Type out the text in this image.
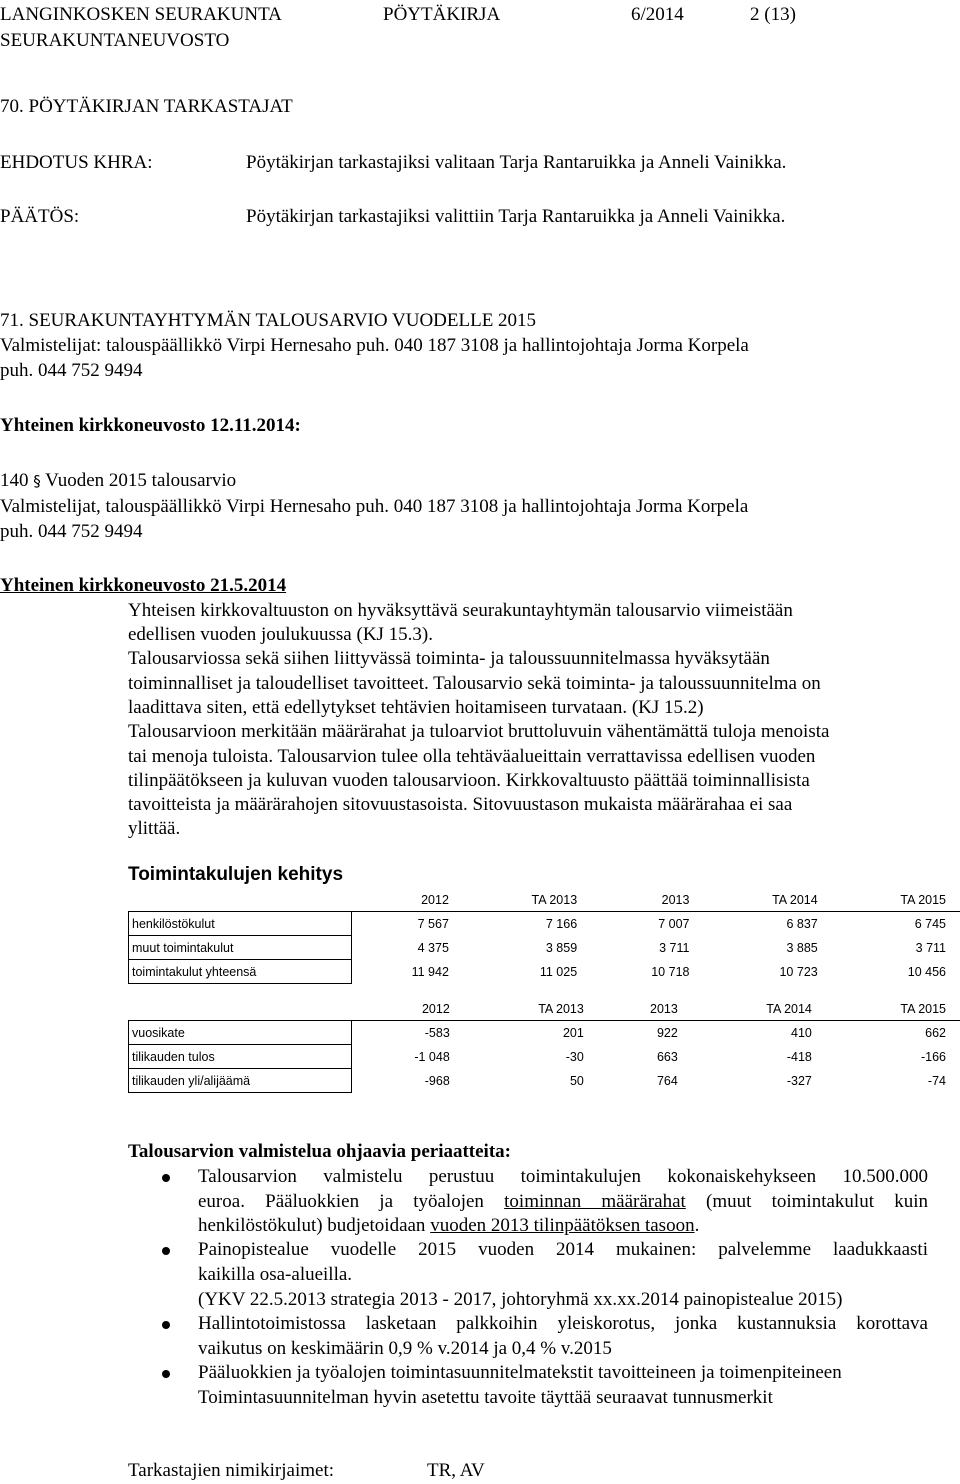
LANGINKOSKEN SEURAKUNTA	PÖYTÄKIRJA	6/2014	2 (13)
SEURAKUNTANEUVOSTO
70. PÖYTÄKIRJAN TARKASTAJAT
EHDOTUS KHRA:	Pöytäkirjan tarkastajiksi valitaan Tarja Rantaruikka ja Anneli Vainikka.
PÄÄTÖS:	Pöytäkirjan tarkastajiksi valittiin Tarja Rantaruikka ja Anneli Vainikka.
71. SEURAKUNTAYHTYMÄN TALOUSARVIO VUODELLE 2015
Valmistelijat: talouspäällikkö Virpi Hernesaho puh. 040 187 3108 ja hallintojohtaja Jorma Korpela
puh. 044 752 9494
Yhteinen kirkkoneuvosto 12.11.2014:
140 § Vuoden 2015 talousarvio
Valmistelijat, talouspäällikkö Virpi Hernesaho puh. 040 187 3108 ja hallintojohtaja Jorma Korpela
puh. 044 752 9494
Yhteinen kirkkoneuvosto 21.5.2014
Yhteisen kirkkovaltuuston on hyväksyttävä seurakuntayhtymän talousarvio viimeistään
edellisen vuoden joulukuussa (KJ 15.3).
Talousarviossa sekä siihen liittyvässä toiminta- ja taloussuunnitelmassa hyväksytään
toiminnalliset ja taloudelliset tavoitteet. Talousarvio sekä toiminta- ja taloussuunnitelma on
laadittava siten, että edellytykset tehtävien hoitamiseen turvataan. (KJ 15.2)
Talousarvioon merkitään määrärahat ja tuloarviot bruttoluvuin vähentämättä tuloja menoista
tai menoja tuloista. Talousarvion tulee olla tehtäväalueittain verrattavissa edellisen vuoden
tilinpäätökseen ja kuluvan vuoden talousarvioon. Kirkkovaltuusto päättää toiminnallisista
tavoitteista ja määrärahojen sitovuustasoista. Sitovuustason mukaista määrärahaa ei saa
ylittää.
Toimintakulujen kehitys
	2012	TA 2013	2013	TA 2014	TA 2015
henkilöstökulut	7 567	7 166	7 007	6 837	6 745
muut toimintakulut	4 375	3 859	3 711	3 885	3 711
toimintakulut yhteensä	11 942	11 025	10 718	10 723	10 456
	2012	TA 2013	2013	TA 2014	TA 2015
vuosikate	-583	201	922	410	662
tilikauden tulos	-1 048	-30	663	-418	-166
tilikauden yli/alijäämä	-968	50	764	-327	-74
Talousarvion valmistelua ohjaavia periaatteita:
Talousarvion valmistelu perustuu toimintakulujen kokonaiskehykseen 10.500.000
euroa. Pääluokkien ja työalojen toiminnan määrärahat (muut toimintakulut kuin
henkilöstökulut) budjetoidaan vuoden 2013 tilinpäätöksen tasoon.
Painopistealue vuodelle 2015 vuoden 2014 mukainen: palvelemme laadukkaasti
kaikilla osa-alueilla.
(YKV 22.5.2013 strategia 2013 - 2017, johtoryhmä xx.xx.2014 painopistealue 2015)
Hallintotoimistossa lasketaan palkkoihin yleiskorotus, jonka kustannuksia korottava
vaikutus on keskimäärin 0,9 % v.2014 ja 0,4 % v.2015
Pääluokkien ja työalojen toimintasuunnitelmatekstit tavoitteineen ja toimenpiteineen
Toimintasuunnitelman hyvin asetettu tavoite täyttää seuraavat tunnusmerkit
Tarkastajien nimikirjaimet:	TR, AV
